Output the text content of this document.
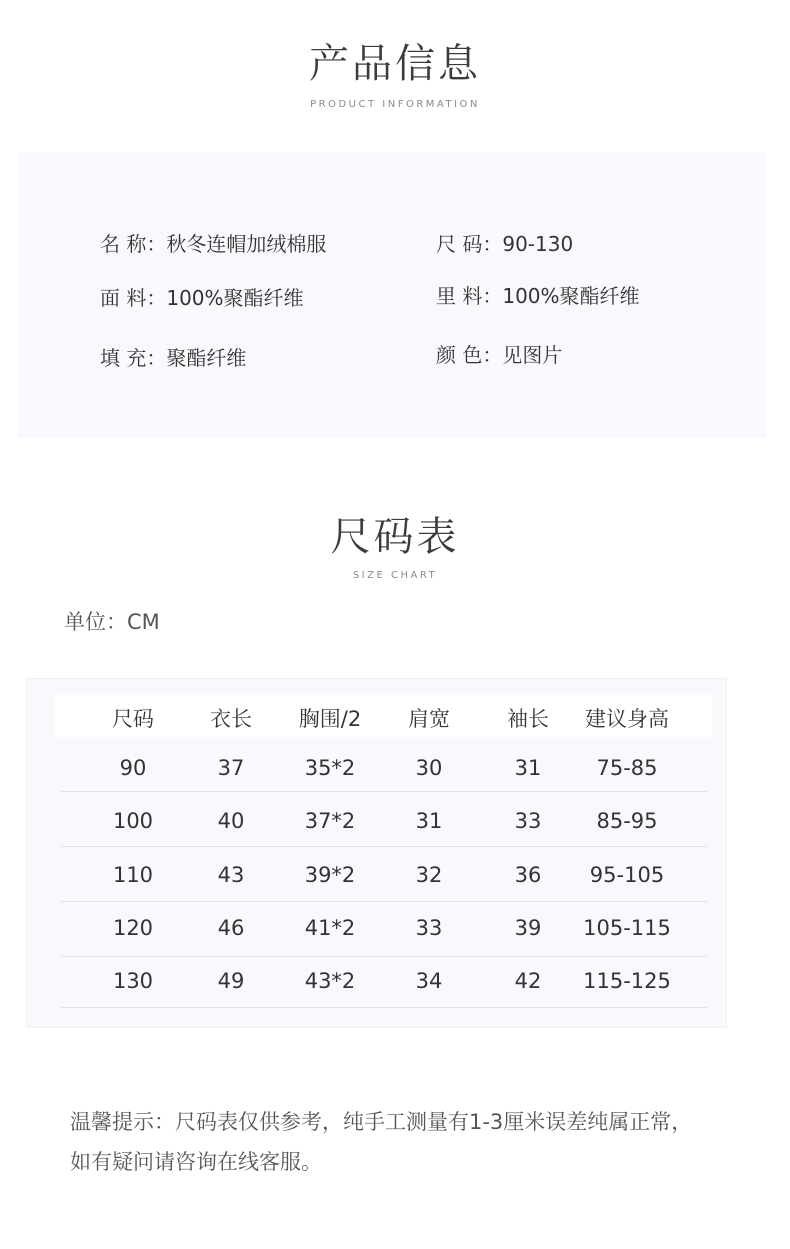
产品信息
PRODUCT INFORMATION
名 称：秋冬连帽加绒棉服	尺 码：90-130
面 料：100%聚酯纤维	里 料：100%聚酯纤维
填 充：聚酯纤维	颜 色：见图片
尺码表
SIZE CHART
单位：CM
尺码	衣长 胸围/2 肩宽	袖长 建议身高
90	37	35*2	30	31	75-85
100	40	37*2	31	33	85-95
110	43	39*2	32	36 95-105
120	46	41*2	33	39 105-115
130	49	43*2	34	42 115-125
温馨提示：尺码表仅供参考，纯手工测量有1-3厘米误差纯属正常，
如有疑问请咨询在线客服。
